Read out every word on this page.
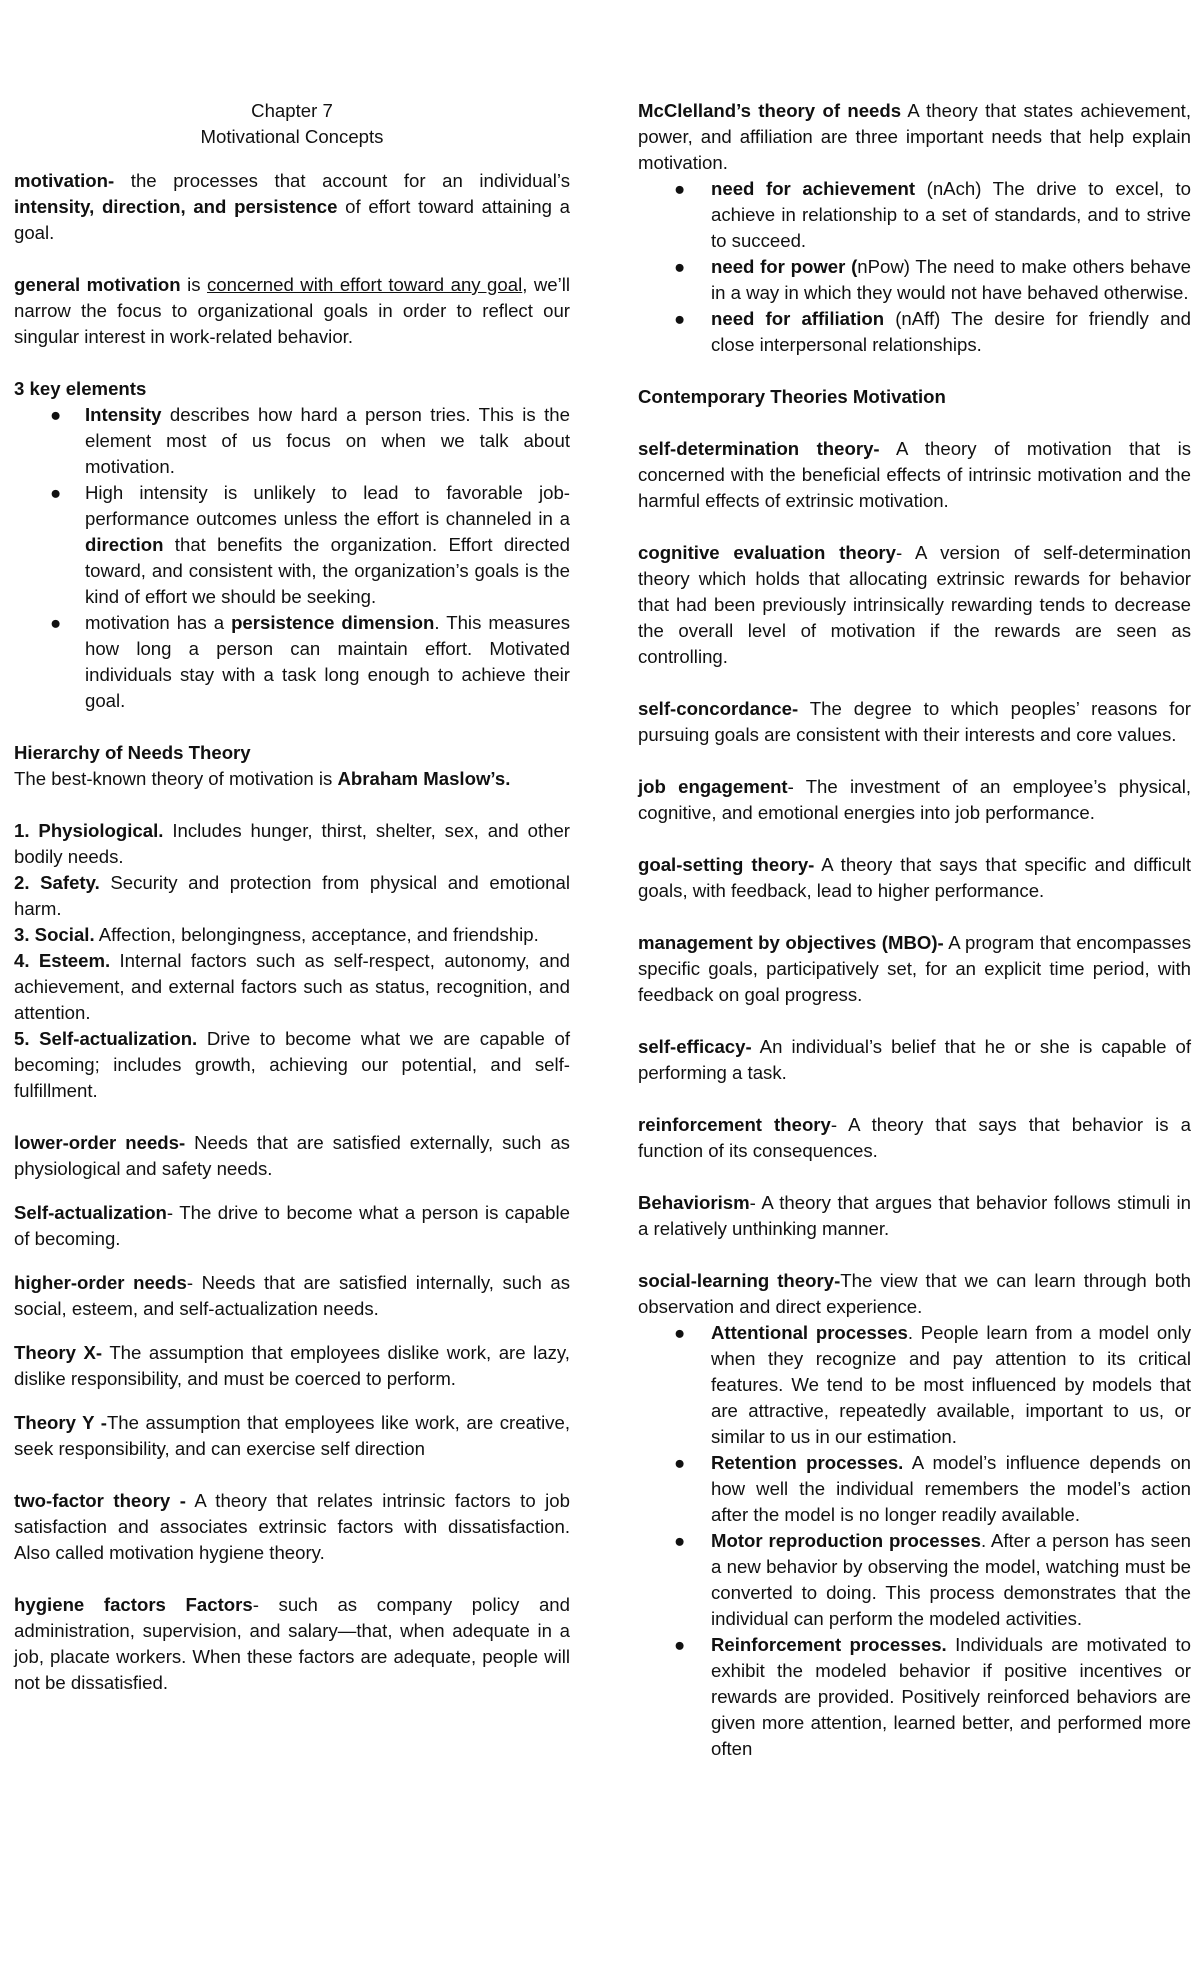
Chapter 7

Motivational Concepts

motivation- the processes that account for an individual’s intensity, direction, and persistence of effort toward attaining a goal.

general motivation is concerned with effort toward any goal, we’ll narrow the focus to organizational goals in order to reflect our singular interest in work-related behavior.

3 key elements

● Intensity describes how hard a person tries. This is the element most of us focus on when we talk about motivation.
● High intensity is unlikely to lead to favorable job-performance outcomes unless the effort is channeled in a direction that benefits the organization. Effort directed toward, and consistent with, the organization’s goals is the kind of effort we should be seeking.
● motivation has a persistence dimension. This measures how long a person can maintain effort. Motivated individuals stay with a task long enough to achieve their goal.

Hierarchy of Needs Theory

The best-known theory of motivation is Abraham Maslow’s.

1. Physiological. Includes hunger, thirst, shelter, sex, and other bodily needs.

2. Safety. Security and protection from physical and emotional harm.

3. Social. Affection, belongingness, acceptance, and friendship.

4. Esteem. Internal factors such as self-respect, autonomy, and achievement, and external factors such as status, recognition, and attention.

5. Self-actualization. Drive to become what we are capable of becoming; includes growth, achieving our potential, and self-fulfillment.

lower-order needs- Needs that are satisfied externally, such as physiological and safety needs.

Self-actualization- The drive to become what a person is capable of becoming.

higher-order needs- Needs that are satisfied internally, such as social, esteem, and self-actualization needs.

Theory X- The assumption that employees dislike work, are lazy, dislike responsibility, and must be coerced to perform.

Theory Y -The assumption that employees like work, are creative, seek responsibility, and can exercise self direction

two-factor theory - A theory that relates intrinsic factors to job satisfaction and associates extrinsic factors with dissatisfaction. Also called motivation hygiene theory.

hygiene factors Factors- such as company policy and administration, supervision, and salary—that, when adequate in a job, placate workers. When these factors are adequate, people will not be dissatisfied.

McClelland’s theory of needs A theory that states achievement, power, and affiliation are three important needs that help explain motivation.

● need for achievement (nAch) The drive to excel, to achieve in relationship to a set of standards, and to strive to succeed.
● need for power (nPow) The need to make others behave in a way in which they would not have behaved otherwise.
● need for affiliation (nAff) The desire for friendly and close interpersonal relationships.

Contemporary Theories Motivation

self-determination theory- A theory of motivation that is concerned with the beneficial effects of intrinsic motivation and the harmful effects of extrinsic motivation.

cognitive evaluation theory- A version of self-determination theory which holds that allocating extrinsic rewards for behavior that had been previously intrinsically rewarding tends to decrease the overall level of motivation if the rewards are seen as controlling.

self-concordance- The degree to which peoples’ reasons for pursuing goals are consistent with their interests and core values.

job engagement- The investment of an employee’s physical, cognitive, and emotional energies into job performance.

goal-setting theory- A theory that says that specific and difficult goals, with feedback, lead to higher performance.

management by objectives (MBO)- A program that encompasses specific goals, participatively set, for an explicit time period, with feedback on goal progress.

self-efficacy- An individual’s belief that he or she is capable of performing a task.

reinforcement theory- A theory that says that behavior is a function of its consequences.

Behaviorism- A theory that argues that behavior follows stimuli in a relatively unthinking manner.

social-learning theory-The view that we can learn through both observation and direct experience.

● Attentional processes. People learn from a model only when they recognize and pay attention to its critical features. We tend to be most influenced by models that are attractive, repeatedly available, important to us, or similar to us in our estimation.
● Retention processes. A model’s influence depends on how well the individual remembers the model’s action after the model is no longer readily available.
● Motor reproduction processes. After a person has seen a new behavior by observing the model, watching must be converted to doing. This process demonstrates that the individual can perform the modeled activities.
● Reinforcement processes. Individuals are motivated to exhibit the modeled behavior if positive incentives or rewards are provided. Positively reinforced behaviors are given more attention, learned better, and performed more often
